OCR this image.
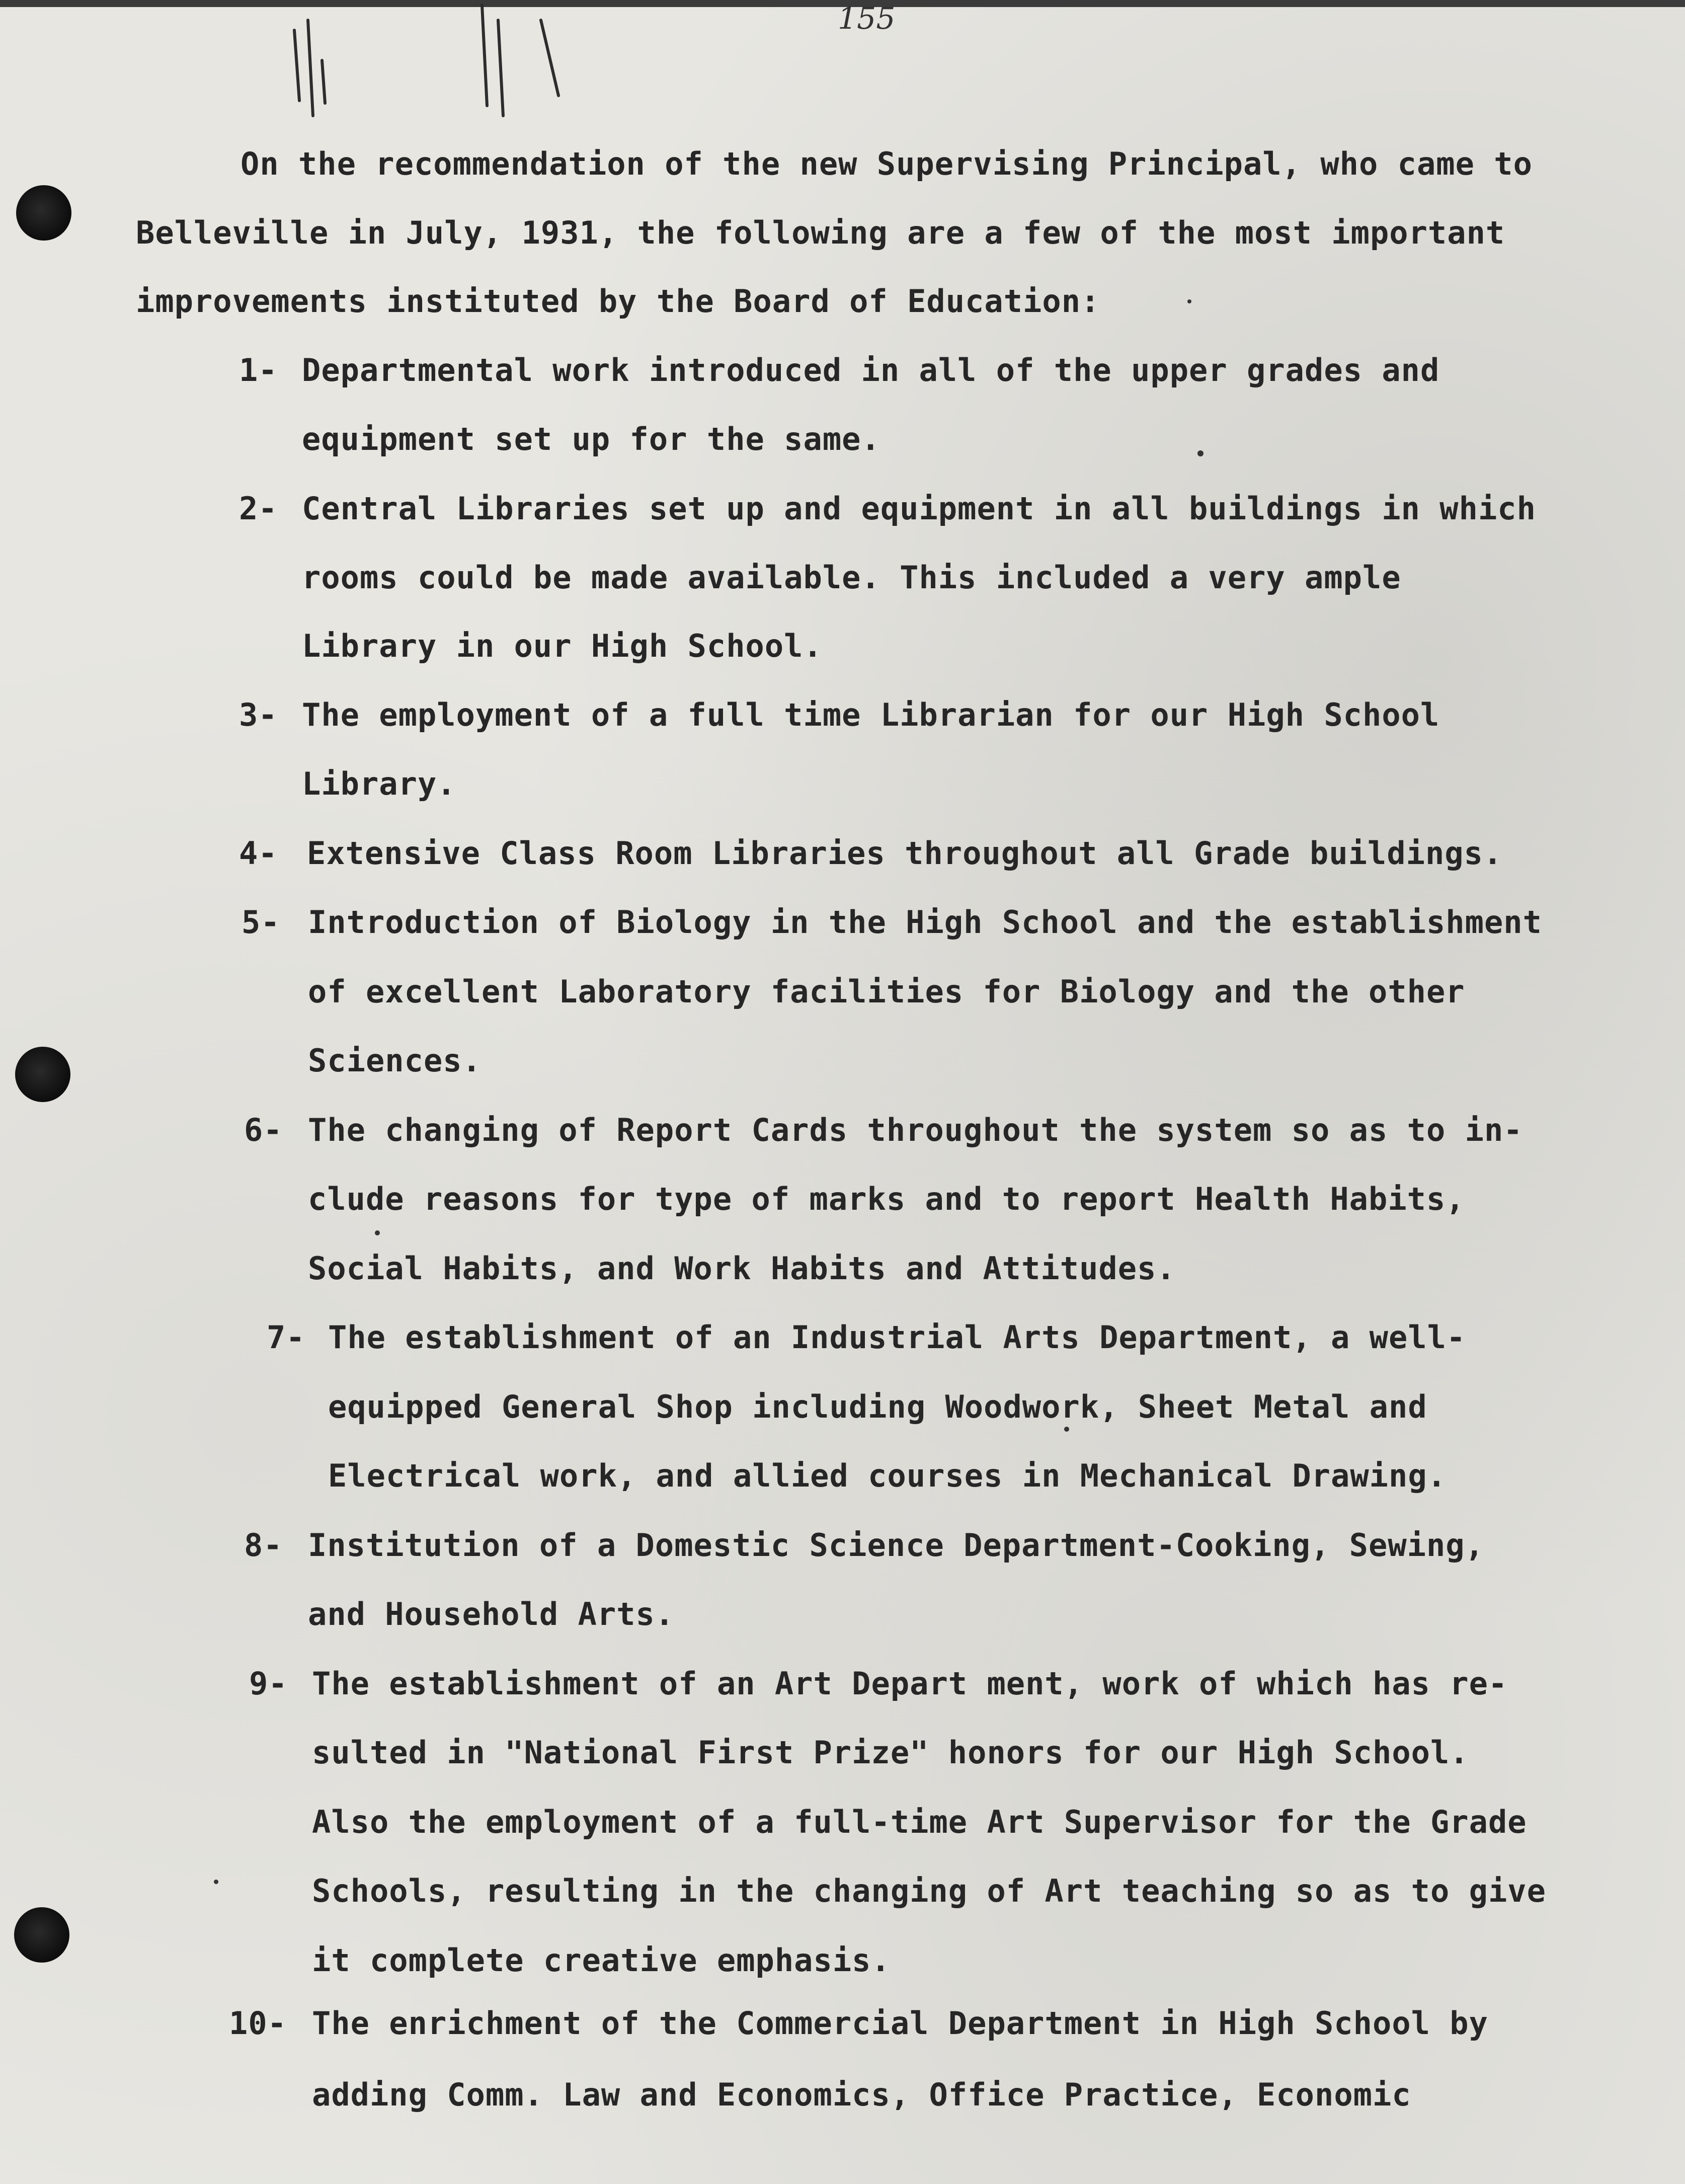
155
On the recommendation of the new Supervising Principal, who came to
Belleville in July, 1931, the following are a few of the most important
improvements instituted by the Board of Education:
1- Departmental work introduced in all of the upper grades and
equipment set up for the same.
2- Central Libraries set up and equipment in all buildings in which
rooms could be made available. This included a very ample
Library in our High School.
3- The employment of a full time Librarian for our High School
Library.
4- Extensive Class Room Libraries throughout all Grade buildings.
5- Introduction of Biology in the High School and the establishment
of excellent Laboratory facilities for Biology and the other
Sciences.
6- The changing of Report Cards throughout the system so as to in-
clude reasons for type of marks and to report Health Habits,
Social Habits, and Work Habits and Attitudes.
7- The establishment of an Industrial Arts Department, a well-
equipped General Shop including Woodwork, Sheet Metal and
Electrical work, and allied courses in Mechanical Drawing.
8- Institution of a Domestic Science Department-Cooking, Sewing,
and Household Arts.
9- The establishment of an Art Depart ment, work of which has re-
sulted in "National First Prize" honors for our High School.
Also the employment of a full-time Art Supervisor for the Grade
Schools, resulting in the changing of Art teaching so as to give
it complete creative emphasis.
10- The enrichment of the Commercial Department in High School by
adding Comm. Law and Economics, Office Practice, Economic
